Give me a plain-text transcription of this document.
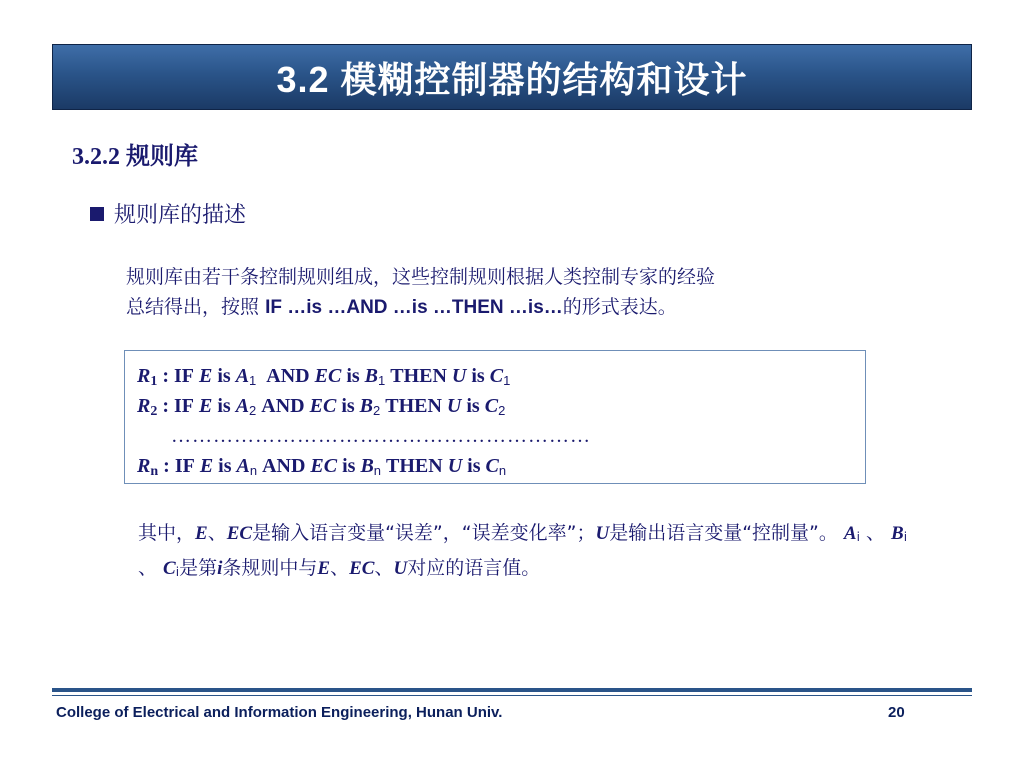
3.2 模糊控制器的结构和设计
3.2.2 规则库
规则库的描述
规则库由若干条控制规则组成，这些控制规则根据人类控制专家的经验
总结得出，按照 IF …is …AND …is …THEN …is…的形式表达。
$R_1$ : IF E is $A_1$ AND EC is $B_1$ THEN U is $C_1$
$R_2$ : IF E is $A_2$ AND EC is $B_2$ THEN U is $C_2$
……………………………………………………
$R_n$ : IF E is $A_n$ AND EC is $B_n$ THEN U is $C_n$
其中，E、EC是输入语言变量“误差”，“误差变化率”；U是输出语言变量“控制量”。 $A_i$ 、 $B_i$ 、 $C_i$是第i条规则中与E、EC、U对应的语言值。
College of Electrical and Information Engineering, Hunan Univ.	20
